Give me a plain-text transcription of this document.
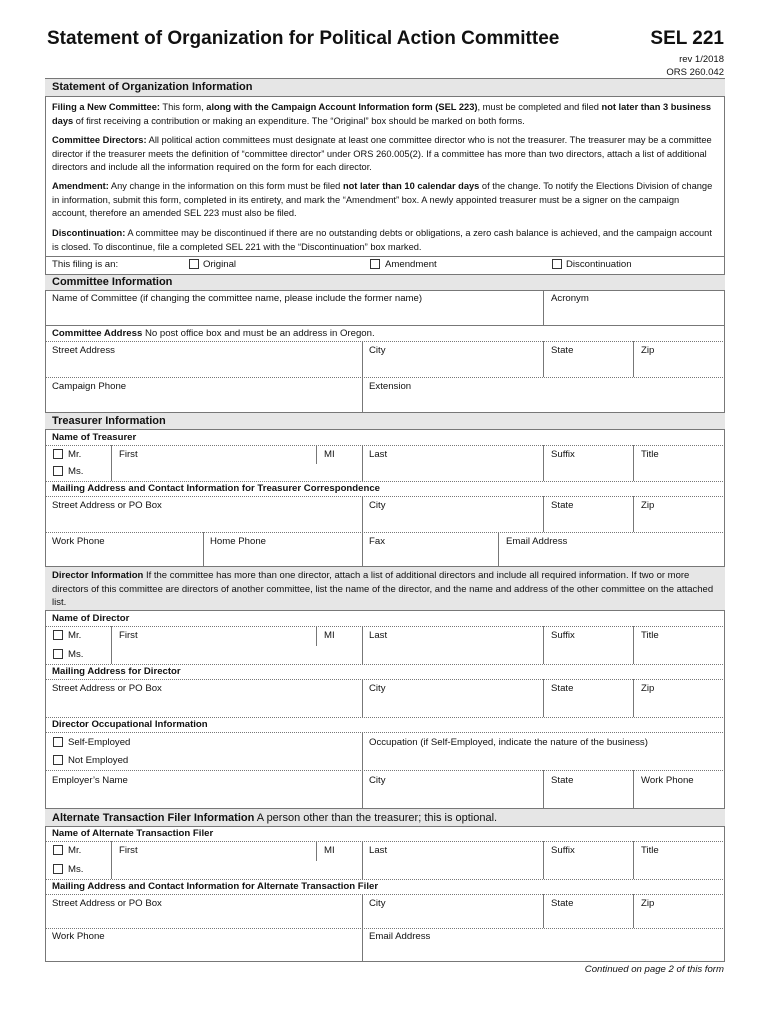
Statement of Organization for Political Action Committee	SEL 221
rev 1/2018
ORS 260.042
Statement of Organization Information
Filing a New Committee: This form, along with the Campaign Account Information form (SEL 223), must be completed and filed not later than 3 business days of first receiving a contribution or making an expenditure. The “Original” box should be marked on both forms.
Committee Directors: All political action committees must designate at least one committee director who is not the treasurer. The treasurer may be a committee director if the treasurer meets the definition of “committee director” under ORS 260.005(2). If a committee has more than two directors, attach a list of additional directors and include all the information required on the form for each director.
Amendment: Any change in the information on this form must be filed not later than 10 calendar days of the change. To notify the Elections Division of change in information, submit this form, completed in its entirety, and mark the “Amendment” box. A newly appointed treasurer must be a signer on the campaign account, therefore an amended SEL 223 must also be filed.
Discontinuation: A committee may be discontinued if there are no outstanding debts or obligations, a zero cash balance is achieved, and the campaign account is closed. To discontinue, file a completed SEL 221 with the “Discontinuation” box marked.
This filing is an:	Original	Amendment	Discontinuation
Committee Information
Name of Committee (if changing the committee name, please include the former name)	Acronym
Committee Address No post office box and must be an address in Oregon.
Street Address	City	State	Zip
Campaign Phone	Extension
Treasurer Information
Name of Treasurer
Mr.
Ms.
First	MI	Last	Suffix	Title
Mailing Address and Contact Information for Treasurer Correspondence
Street Address or PO Box	City	State	Zip
Work Phone	Home Phone	Fax	Email Address
Director Information If the committee has more than one director, attach a list of additional directors and include all required information. If two or more directors of this committee are directors of another committee, list the name of the director, and the name and address of the other committee on the attached list.
Name of Director
Mr.
Ms.
First	MI	Last	Suffix	Title
Mailing Address for Director
Street Address or PO Box	City	State	Zip
Director Occupational Information
Self-Employed
Not Employed
Occupation (if Self-Employed, indicate the nature of the business)
Employer’s Name	City	State	Work Phone
Alternate Transaction Filer Information A person other than the treasurer; this is optional.
Name of Alternate Transaction Filer
Mr.
Ms.
First	MI	Last	Suffix	Title
Mailing Address and Contact Information for Alternate Transaction Filer
Street Address or PO Box	City	State	Zip
Work Phone	Email Address
Continued on page 2 of this form
